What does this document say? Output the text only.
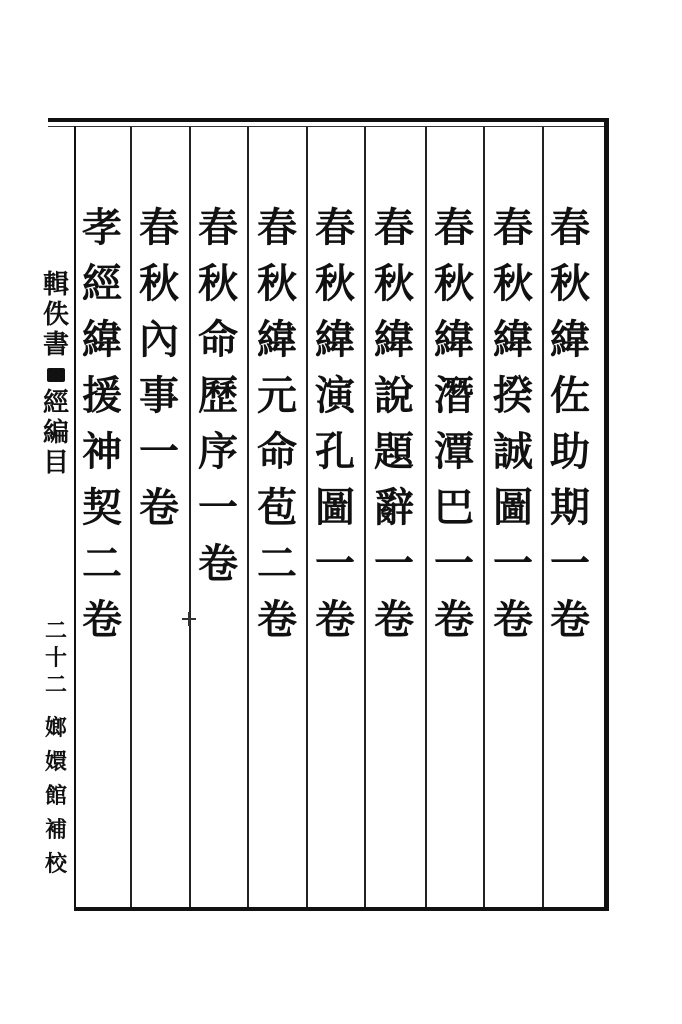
春
秋
緯
佐
助
期
一
卷
春
秋
緯
揆
誠
圖
一
卷
春
秋
緯
潛
潭
巴
一
卷
春
秋
緯
說
題
辭
一
卷
春
秋
緯
演
孔
圖
一
卷
春
秋
緯
元
命
苞
二
卷
春
秋
命
歷
序
一
卷
春
秋
內
事
一
卷
孝
經
緯
援
神
契
二
卷
輯
佚
書
經
編
目
二
十
二
嫏
嬛
館
補
校
